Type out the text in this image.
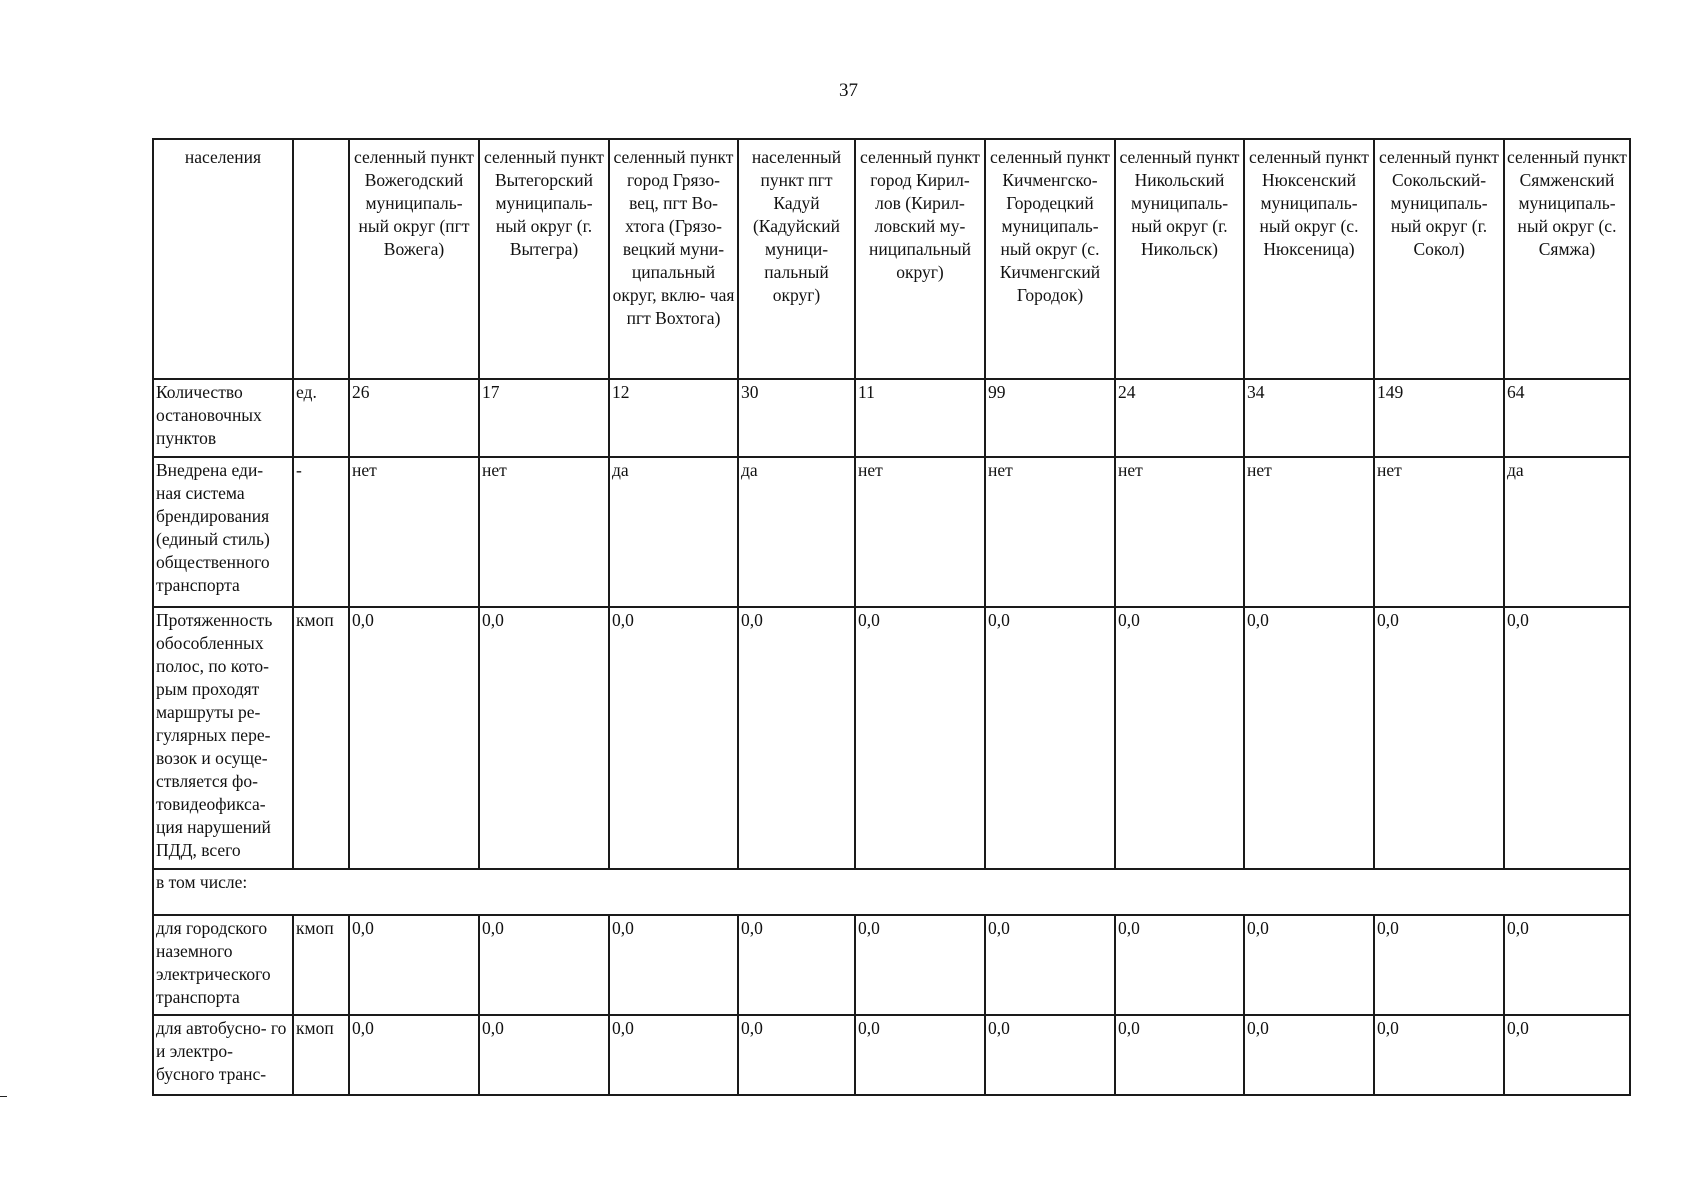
37
населения		селенный пункт Вожегодский муниципаль- ный округ (пгт Вожега)	селенный пункт Вытегорский муниципаль- ный округ (г. Вытегра)	селенный пункт город Грязо- вец, пгт Во- хтога (Грязо- вецкий муни- ципальный округ, вклю- чая пгт Вохтога)	населенный пункт пгт Кадуй (Кадуйский муници- пальный округ)	селенный пункт город Кирил- лов (Кирил- ловский му- ниципальный округ)	селенный пункт Кичменгско- Городецкий муниципаль- ный округ (с. Кичменгский Городок)	селенный пункт Никольский муниципаль- ный округ (г. Никольск)	селенный пункт Нюксенский муниципаль- ный округ (с. Нюксеница)	селенный пункт Сокольский- муниципаль- ный округ (г. Сокол)	селенный пункт Сямженский муниципаль- ный округ (с. Сямжа)
Количество остановочных пунктов	ед.	26	17	12	30	11	99	24	34	149	64
Внедрена еди- ная система брендирования (единый стиль) общественного транспорта	-	нет	нет	да	да	нет	нет	нет	нет	нет	да
Протяженность обособленных полос, по кото- рым проходят маршруты ре- гулярных пере- возок и осуще- ствляется фо- товидеофикса- ция нарушений ПДД, всего	кмоп	0,0	0,0	0,0	0,0	0,0	0,0	0,0	0,0	0,0	0,0
в том числе:											
для городского наземного электрического транспорта	кмоп	0,0	0,0	0,0	0,0	0,0	0,0	0,0	0,0	0,0	0,0
для автобусно- го и электро- бусного транс-	кмоп	0,0	0,0	0,0	0,0	0,0	0,0	0,0	0,0	0,0	0,0
